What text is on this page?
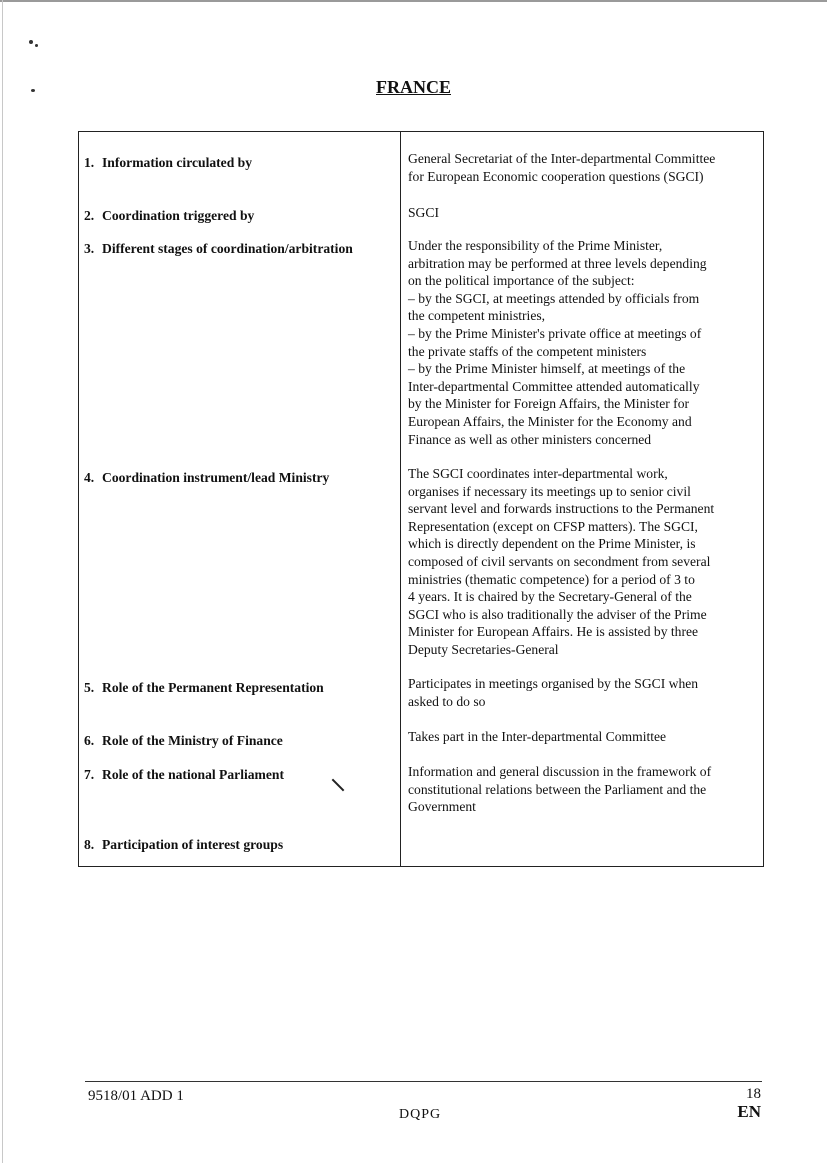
FRANCE
1. Information circulated by	General Secretariat of the Inter-departmental Committee
for European Economic cooperation questions (SGCI)
2. Coordination triggered by	SGCI
3. Different stages of coordination/arbitration	Under the responsibility of the Prime Minister,
arbitration may be performed at three levels depending
on the political importance of the subject:
– by the SGCI, at meetings attended by officials from
the competent ministries,
– by the Prime Minister's private office at meetings of
the private staffs of the competent ministers
– by the Prime Minister himself, at meetings of the
Inter-departmental Committee attended automatically
by the Minister for Foreign Affairs, the Minister for
European Affairs, the Minister for the Economy and
Finance as well as other ministers concerned
4. Coordination instrument/lead Ministry	The SGCI coordinates inter-departmental work,
organises if necessary its meetings up to senior civil
servant level and forwards instructions to the Permanent
Representation (except on CFSP matters). The SGCI,
which is directly dependent on the Prime Minister, is
composed of civil servants on secondment from several
ministries (thematic competence) for a period of 3 to
4 years. It is chaired by the Secretary-General of the
SGCI who is also traditionally the adviser of the Prime
Minister for European Affairs. He is assisted by three
Deputy Secretaries-General
5. Role of the Permanent Representation	Participates in meetings organised by the SGCI when
asked to do so
6. Role of the Ministry of Finance	Takes part in the Inter-departmental Committee
7. Role of the national Parliament	Information and general discussion in the framework of
constitutional relations between the Parliament and the
Government
8. Participation of interest groups
9518/01 ADD 1	18
DQPG	EN
